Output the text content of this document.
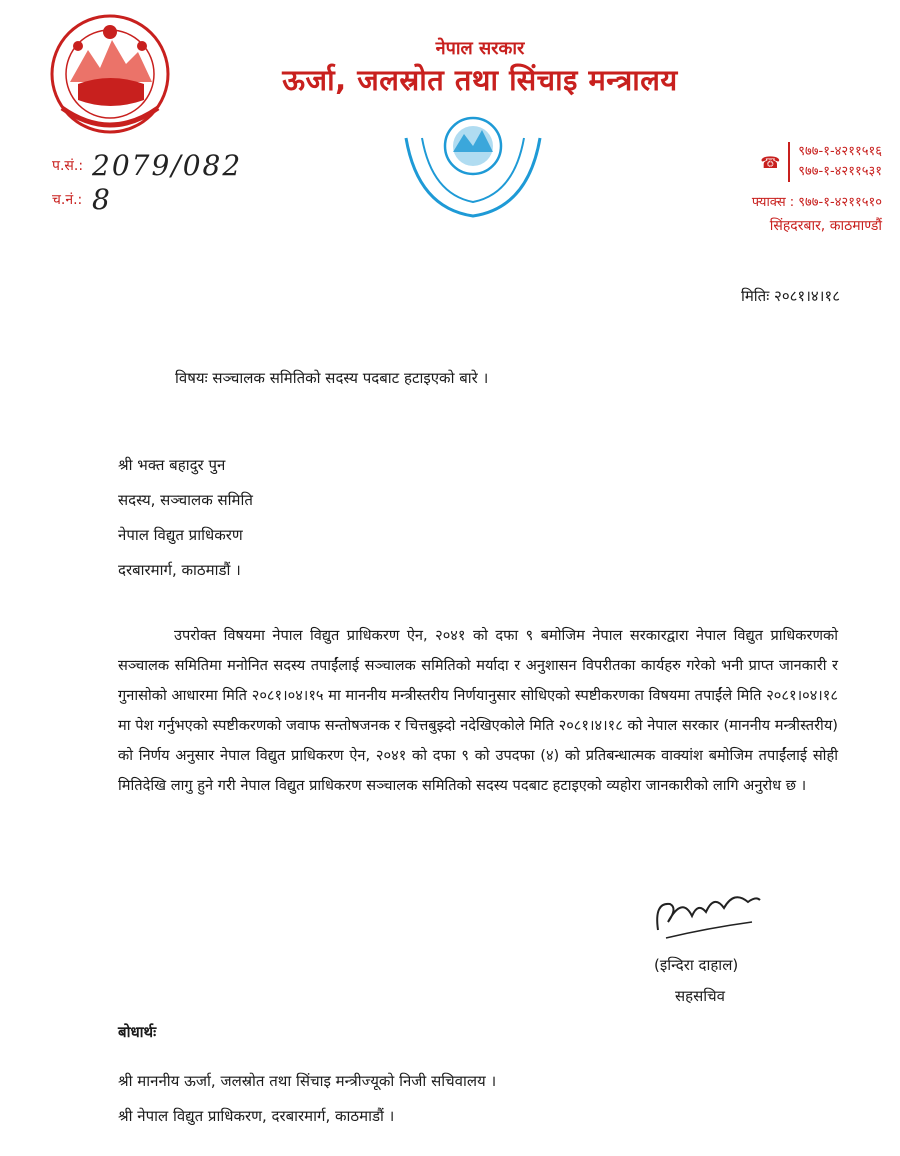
नेपाल सरकार
ऊर्जा, जलस्रोत तथा सिंचाइ मन्त्रालय
प.सं.: 2079/082
च.नं.: 8
☎
९७७-१-४२११५१६
९७७-१-४२११५३१
फ्याक्स : ९७७-१-४२११५१०
सिंहदरबार, काठमाण्डौं
मितिः २०८१।४।१८
विषयः सञ्चालक समितिको सदस्य पदबाट हटाइएको बारे ।
श्री भक्त बहादुर पुन
सदस्य, सञ्चालक समिति
नेपाल विद्युत प्राधिकरण
दरबारमार्ग, काठमाडौं ।

उपरोक्त विषयमा नेपाल विद्युत प्राधिकरण ऐन, २०४१ को दफा ९ बमोजिम नेपाल सरकारद्वारा नेपाल विद्युत प्राधिकरणको सञ्चालक समितिमा मनोनित सदस्य तपाईंलाई सञ्चालक समितिको मर्यादा र अनुशासन विपरीतका कार्यहरु गरेको भनी प्राप्त जानकारी र गुनासोको आधारमा मिति २०८१।०४।१५ मा माननीय मन्त्रीस्तरीय निर्णयानुसार सोधिएको स्पष्टीकरणका विषयमा तपाईंले मिति २०८१।०४।१८ मा पेश गर्नुभएको स्पष्टीकरणको जवाफ सन्तोषजनक र चित्तबुझ्दो नदेखिएकोले मिति २०८१।४।१८ को नेपाल सरकार (माननीय मन्त्रीस्तरीय) को निर्णय अनुसार नेपाल विद्युत प्राधिकरण ऐन, २०४१ को दफा ९ को उपदफा (४) को प्रतिबन्धात्मक वाक्यांश बमोजिम तपाईंलाई सोही मितिदेखि लागु हुने गरी नेपाल विद्युत प्राधिकरण सञ्चालक समितिको सदस्य पदबाट हटाइएको व्यहोरा जानकारीको लागि अनुरोध छ ।

(इन्दिरा दाहाल)
सहसचिव
बोधार्थः
श्री माननीय ऊर्जा, जलस्रोत तथा सिंचाइ मन्त्रीज्यूको निजी सचिवालय ।
श्री नेपाल विद्युत प्राधिकरण, दरबारमार्ग, काठमाडौं ।
